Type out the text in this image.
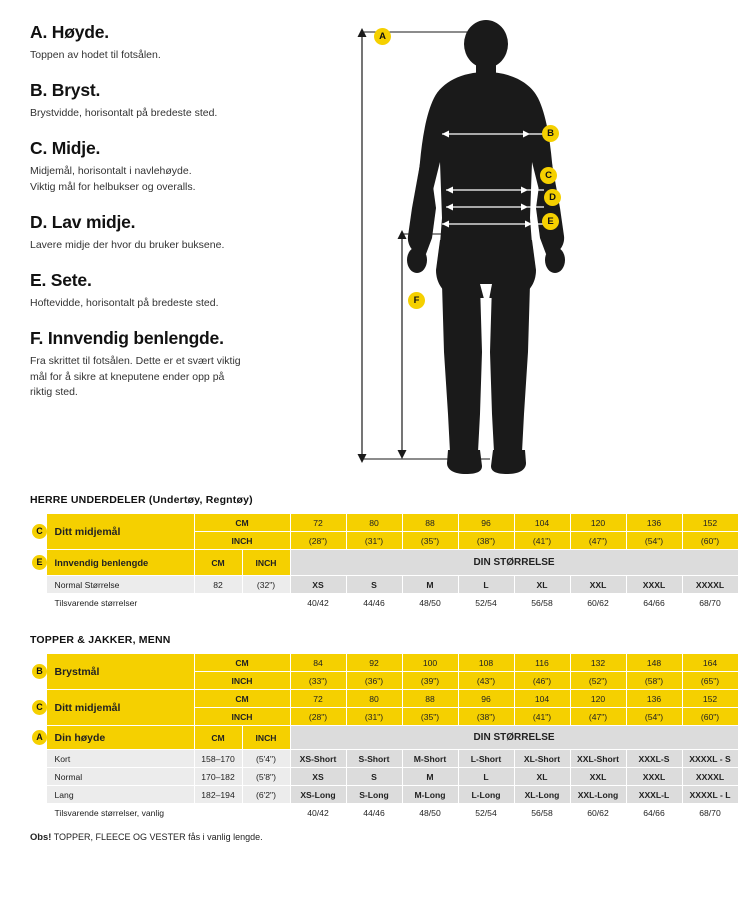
A. Høyde.

Toppen av hodet til fotsålen.

B. Bryst.

Brystvidde, horisontalt på bredeste sted.

C. Midje.

Midjemål, horisontalt i navlehøyde.
Viktig mål for helbukser og overalls.

D. Lav midje.

Lavere midje der hvor du bruker buksene.

E. Sete.

Hoftevidde, horisontalt på bredeste sted.

F. Innvendig benlengde.

Fra skrittet til fotsålen. Dette er et svært viktig
mål for å sikre at kneputene ender opp på
riktig sted.

A
B
C
D
E
F
HERRE UNDERDELER (Undertøy, Regntøy)
C	Ditt midjemål	CM		72	80	88	96	104	120	136	152
		INCH		(28")	(31")	(35")	(38")	(41")	(47")	(54")	(60")
E	Innvendig benlengde	CM	INCH	DIN STØRRELSE							
	Normal Størrelse	82	(32")	XS	S	M	L	XL	XXL	XXXL	XXXXL
	Tilsvarende størrelser			40/42	44/46	48/50	52/54	56/58	60/62	64/66	68/70
TOPPER & JAKKER, MENN
B	Brystmål	CM		84	92	100	108	116	132	148	164
		INCH		(33")	(36")	(39")	(43")	(46")	(52")	(58")	(65")
C	Ditt midjemål	CM		72	80	88	96	104	120	136	152
		INCH		(28")	(31")	(35")	(38")	(41")	(47")	(54")	(60")
A	Din høyde	CM	INCH	DIN STØRRELSE							
	Kort	158–170	(5'4")	XS-Short	S-Short	M-Short	L-Short	XL-Short	XXL-Short	XXXL-S	XXXXL - S
	Normal	170–182	(5'8")	XS	S	M	L	XL	XXL	XXXL	XXXXL
	Lang	182–194	(6'2")	XS-Long	S-Long	M-Long	L-Long	XL-Long	XXL-Long	XXXL-L	XXXXL - L
	Tilsvarende størrelser, vanlig			40/42	44/46	48/50	52/54	56/58	60/62	64/66	68/70
Obs! TOPPER, FLEECE OG VESTER fås i vanlig lengde.
